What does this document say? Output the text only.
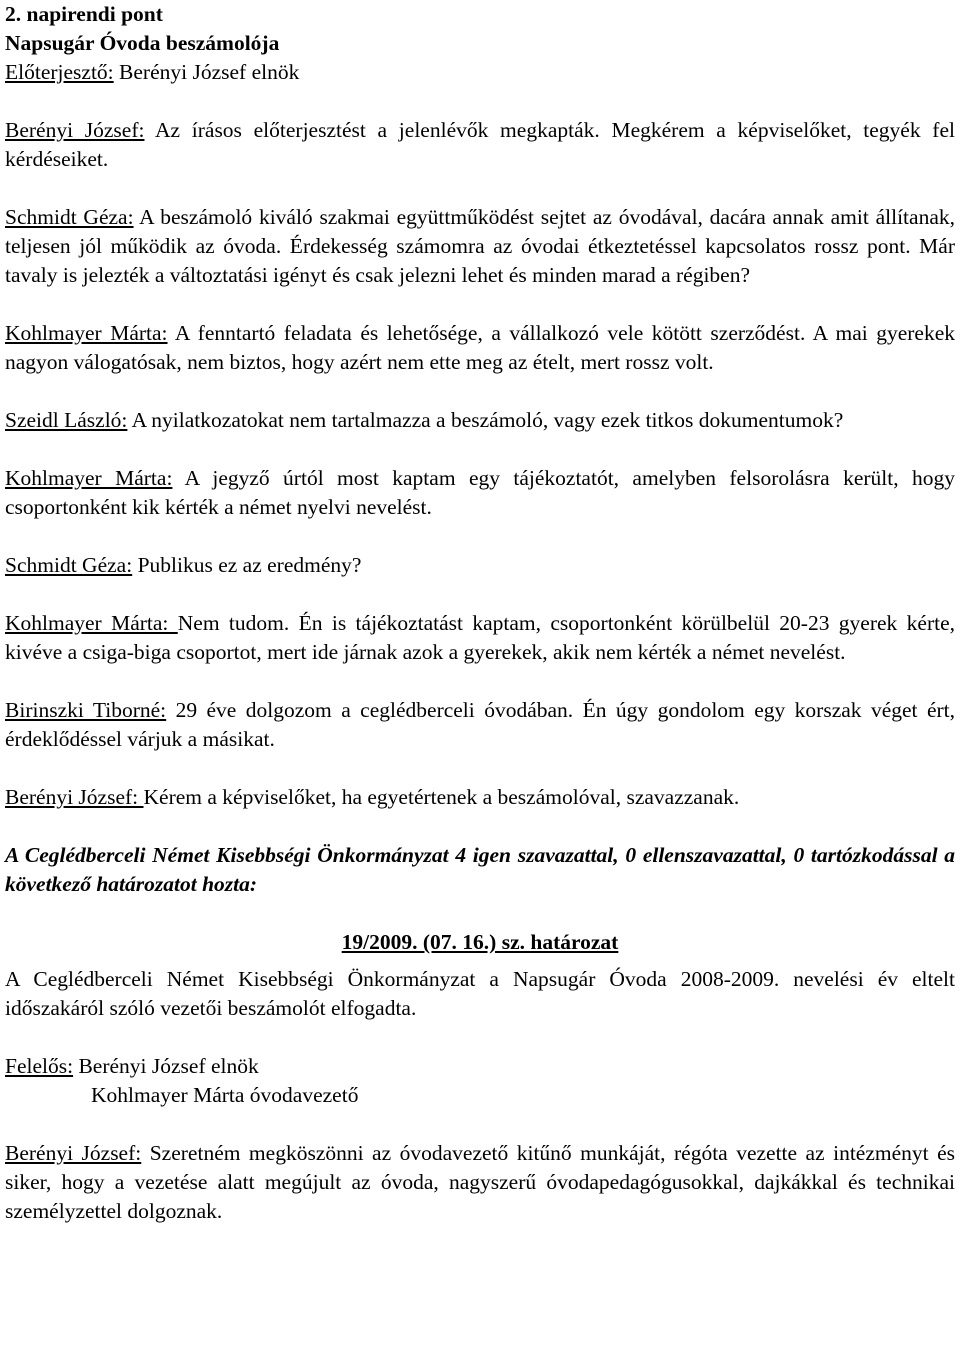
2. napirendi pont

Napsugár Óvoda beszámolója

Előterjesztő: Berényi József elnök

Berényi József: Az írásos előterjesztést a jelenlévők megkapták. Megkérem a képviselőket, tegyék fel kérdéseiket.

Schmidt Géza: A beszámoló kiváló szakmai együttműködést sejtet az óvodával, dacára annak amit állítanak, teljesen jól működik az óvoda. Érdekesség számomra az óvodai étkeztetéssel kapcsolatos rossz pont. Már tavaly is jelezték a változtatási igényt és csak jelezni lehet és minden marad a régiben?

Kohlmayer Márta: A fenntartó feladata és lehetősége, a vállalkozó vele kötött szerződést. A mai gyerekek nagyon válogatósak, nem biztos, hogy azért nem ette meg az ételt, mert rossz volt.

Szeidl László: A nyilatkozatokat nem tartalmazza a beszámoló, vagy ezek titkos dokumentumok?

Kohlmayer Márta: A jegyző úrtól most kaptam egy tájékoztatót, amelyben felsorolásra került, hogy csoportonként kik kérték a német nyelvi nevelést.

Schmidt Géza: Publikus ez az eredmény?

Kohlmayer Márta: Nem tudom. Én is tájékoztatást kaptam, csoportonként körülbelül 20-23 gyerek kérte, kivéve a csiga-biga csoportot, mert ide járnak azok a gyerekek, akik nem kérték a német nevelést.

Birinszki Tiborné: 29 éve dolgozom a ceglédberceli óvodában. Én úgy gondolom egy korszak véget ért, érdeklődéssel várjuk a másikat.

Berényi József: Kérem a képviselőket, ha egyetértenek a beszámolóval, szavazzanak.

A Ceglédberceli Német Kisebbségi Önkormányzat 4 igen szavazattal, 0 ellenszavazattal, 0 tartózkodással a következő határozatot hozta:

19/2009. (07. 16.) sz. határozat

A Ceglédberceli Német Kisebbségi Önkormányzat a Napsugár Óvoda 2008-2009. nevelési év eltelt időszakáról szóló vezetői beszámolót elfogadta.

Felelős: Berényi József elnök

Kohlmayer Márta óvodavezető

Berényi József: Szeretném megköszönni az óvodavezető kitűnő munkáját, régóta vezette az intézményt és siker, hogy a vezetése alatt megújult az óvoda, nagyszerű óvodapedagógusokkal, dajkákkal és technikai személyzettel dolgoznak.
